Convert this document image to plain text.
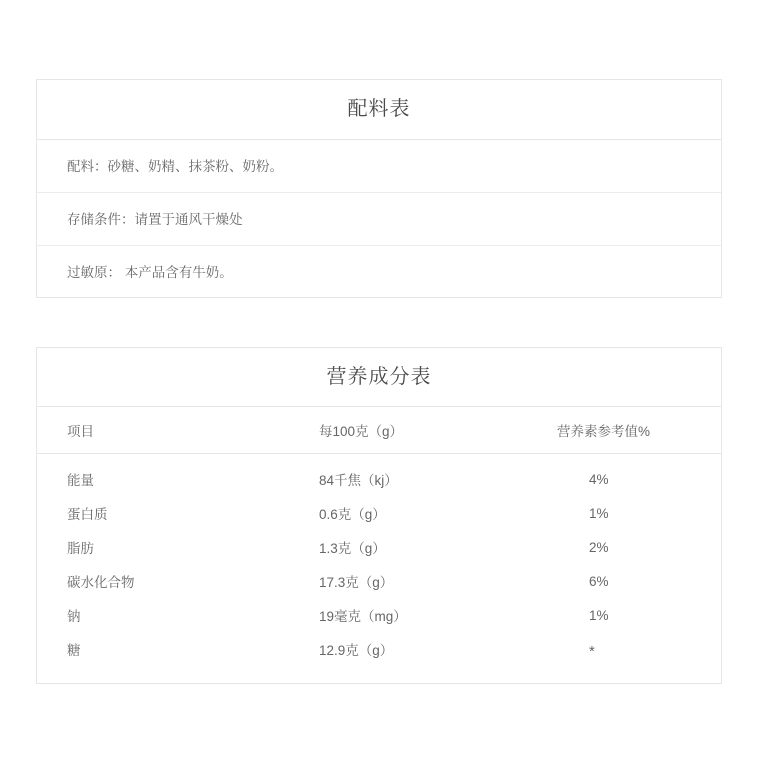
配料表
配料：砂糖、奶精、抹茶粉、奶粉。
存储条件：请置于通风干燥处
过敏原： 本产品含有牛奶。
营养成分表
项目	每100克（g）	营养素参考值%
能量	84千焦（kj）	4%
蛋白质	0.6克（g）	1%
脂肪	1.3克（g）	2%
碳水化合物	17.3克（g）	6%
钠	19毫克（mg）	1%
糖	12.9克（g）	*
